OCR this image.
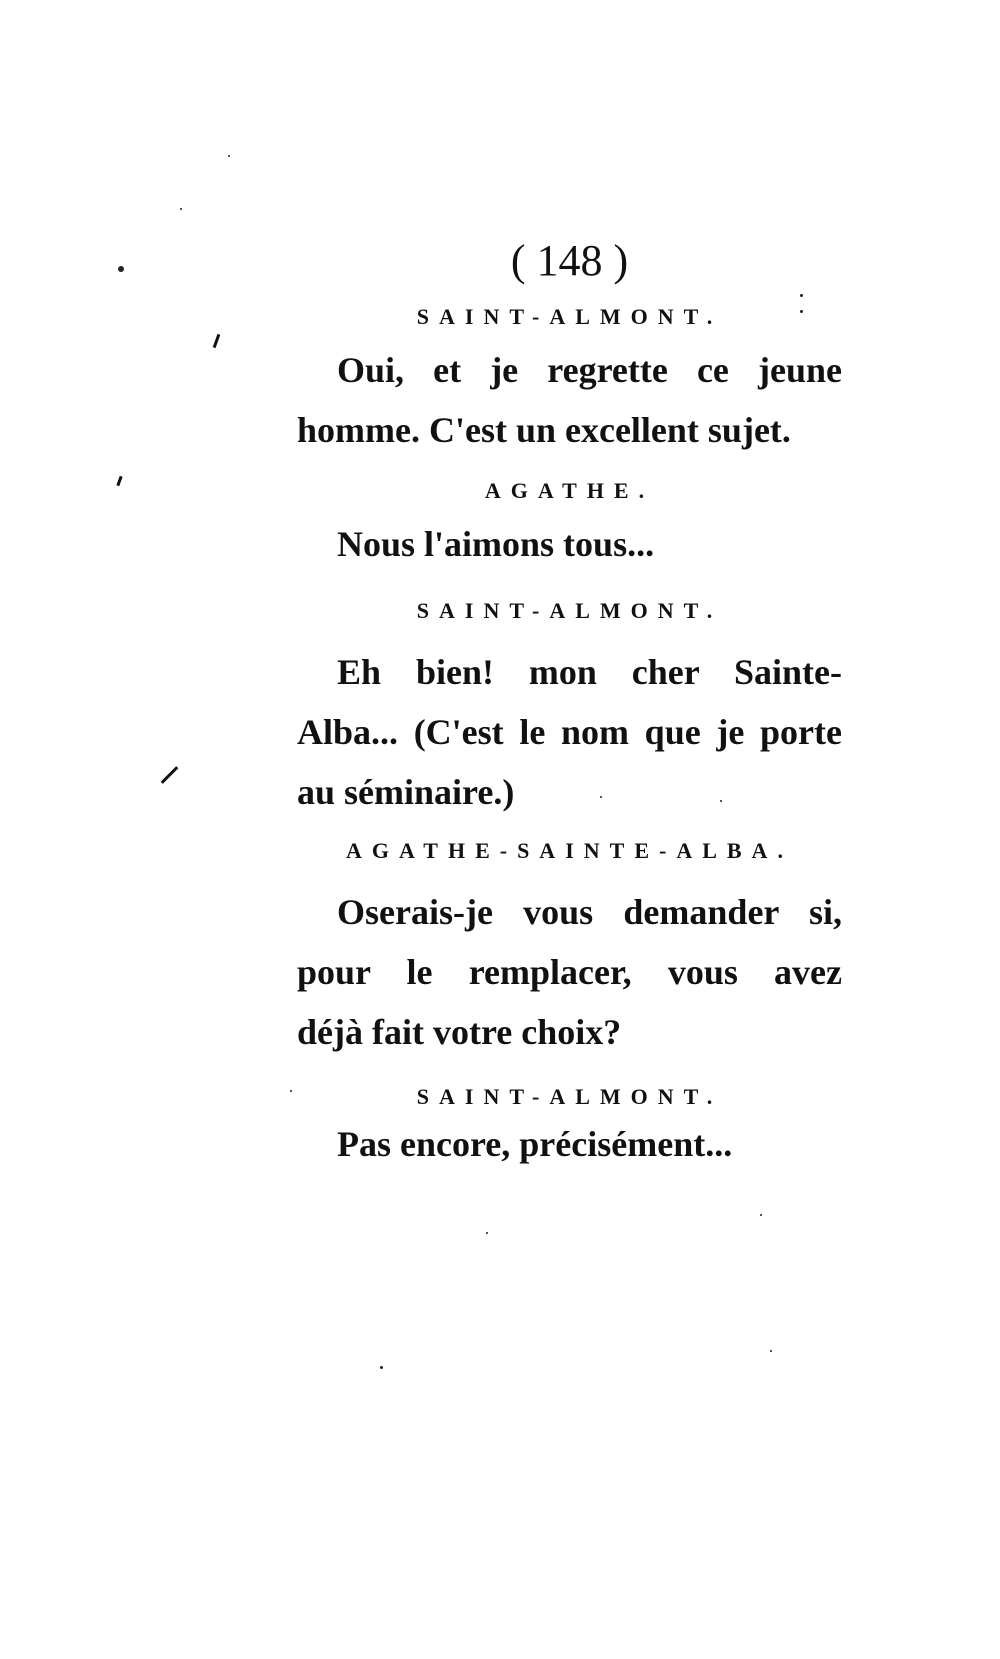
( 148 )
SAINT-ALMONT.
Oui, et je regrette ce jeune
homme. C'est un excellent sujet.
AGATHE.
Nous l'aimons tous...
SAINT-ALMONT.
Eh bien! mon cher Sainte-
Alba... (C'est le nom que je porte
au séminaire.)
AGATHE-SAINTE-ALBA.
Oserais-je vous demander si,
pour le remplacer, vous avez
déjà fait votre choix?
SAINT-ALMONT.
Pas encore, précisément...
